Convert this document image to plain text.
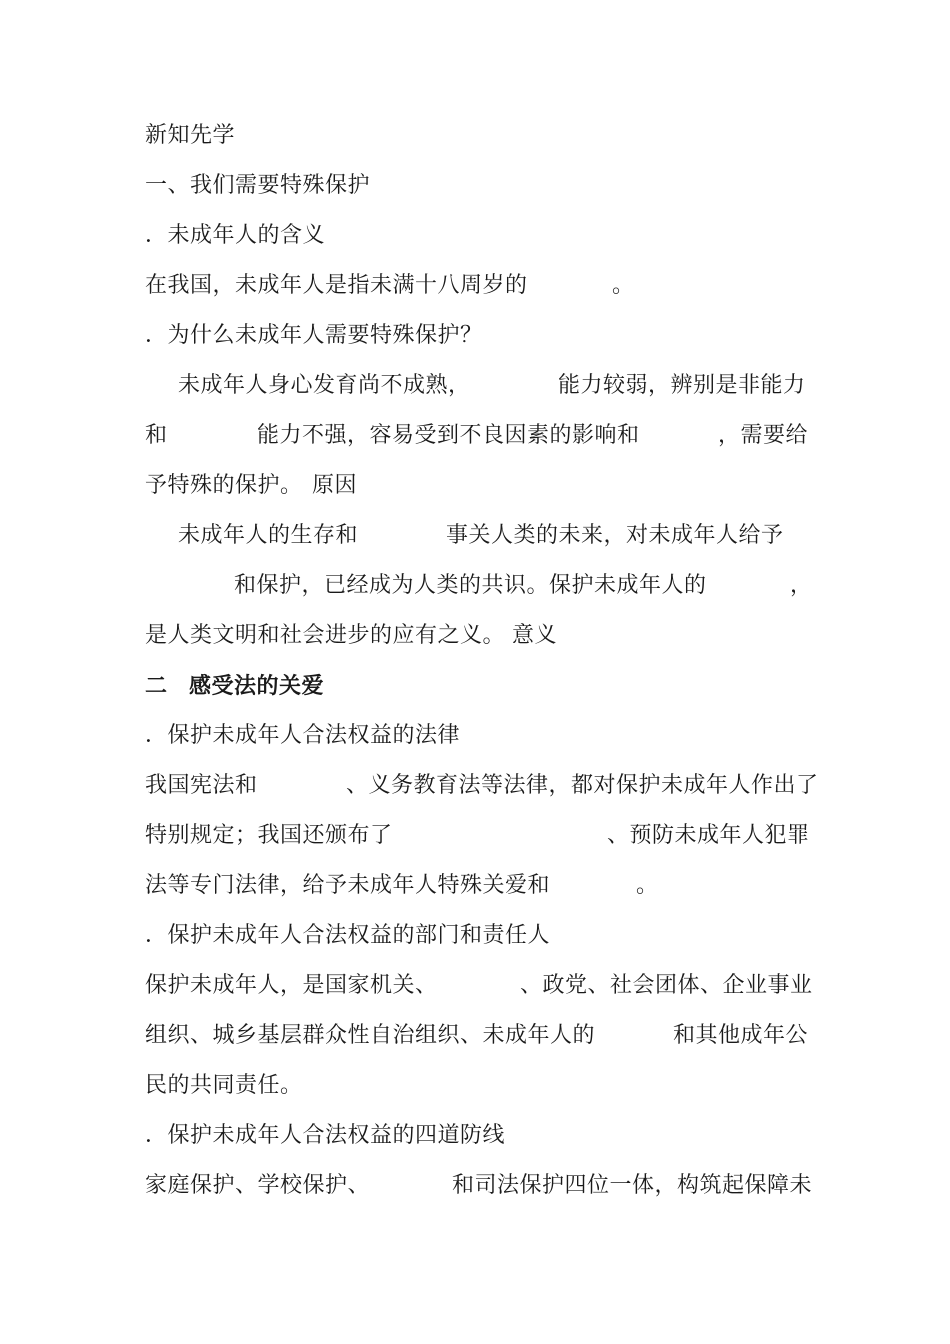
新知先学
一、我们需要特殊保护
．未成年人的含义
在我国，未成年人是指未满十八周岁的	。
．为什么未成年人需要特殊保护？
未成年人身心发育尚不成熟，	能力较弱，辨别是非能力
和	能力不强，容易受到不良因素的影响和	，需要给
予特殊的保护。 原因
未成年人的生存和	事关人类的未来，对未成年人给予
和保护，已经成为人类的共识。保护未成年人的	，
是人类文明和社会进步的应有之义。 意义
二 感受法的关爱
．保护未成年人合法权益的法律
我国宪法和	、义务教育法等法律，都对保护未成年人作出了
特别规定；我国还颁布了	、预防未成年人犯罪
法等专门法律，给予未成年人特殊关爱和	。
．保护未成年人合法权益的部门和责任人
保护未成年人，是国家机关、	、政党、社会团体、企业事业
组织、城乡基层群众性自治组织、未成年人的	和其他成年公
民的共同责任。
．保护未成年人合法权益的四道防线
家庭保护、学校保护、	和司法保护四位一体，构筑起保障未
